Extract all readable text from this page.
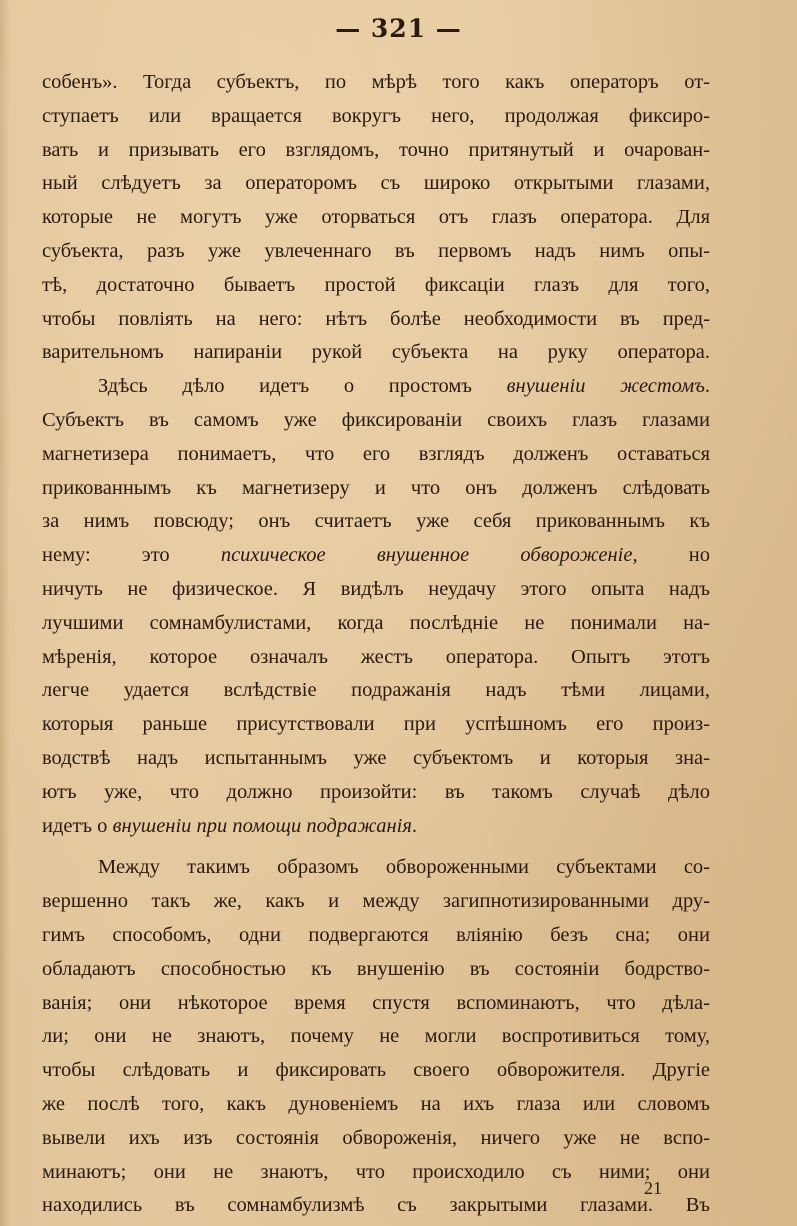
— 321 —
собенъ». Тогда субъектъ, по мѣрѣ того какъ операторъ от-
ступаетъ или вращается вокругъ него, продолжая фиксиро-
вать и призывать его взглядомъ, точно притянутый и очарован-
ный слѣдуетъ за операторомъ съ широко открытыми глазами,
которые не могутъ уже оторваться отъ глазъ оператора. Для
субъекта, разъ уже увлеченнаго въ первомъ надъ нимъ опы-
тѣ, достаточно бываетъ простой фиксаціи глазъ для того,
чтобы повліять на него: нѣтъ болѣе необходимости въ пред-
варительномъ напираніи рукой субъекта на руку оператора.
Здѣсь дѣло идетъ о простомъ внушеніи жестомъ.
Субъектъ въ самомъ уже фиксированіи своихъ глазъ глазами
магнетизера понимаетъ, что его взглядъ долженъ оставаться
прикованнымъ къ магнетизеру и что онъ долженъ слѣдовать
за нимъ повсюду; онъ считаетъ уже себя прикованнымъ къ
нему: это психическое внушенное обвороженіе, но
ничуть не физическое. Я видѣлъ неудачу этого опыта надъ
лучшими сомнамбулистами, когда послѣдніе не понимали на-
мѣренія, которое означалъ жестъ оператора. Опытъ этотъ
легче удается вслѣдствіе подражанія надъ тѣми лицами,
которыя раньше присутствовали при успѣшномъ его произ-
водствѣ надъ испытаннымъ уже субъектомъ и которыя зна-
ютъ уже, что должно произойти: въ такомъ случаѣ дѣло
идетъ о внушеніи при помощи подражанія.
Между такимъ образомъ обвороженными субъектами со-
вершенно такъ же, какъ и между загипнотизированными дру-
гимъ способомъ, одни подвергаются вліянію безъ сна; они
обладаютъ способностью къ внушенію въ состояніи бодрство-
ванія; они нѣкоторое время спустя вспоминаютъ, что дѣла-
ли; они не знаютъ, почему не могли воспротивиться тому,
чтобы слѣдовать и фиксировать своего обворожителя. Другіе
же послѣ того, какъ дуновеніемъ на ихъ глаза или словомъ
вывели ихъ изъ состоянія обвороженія, ничего уже не вспо-
минаютъ; они не знаютъ, что происходило съ ними; они
находились въ сомнамбулизмѣ съ закрытыми глазами. Въ
21
